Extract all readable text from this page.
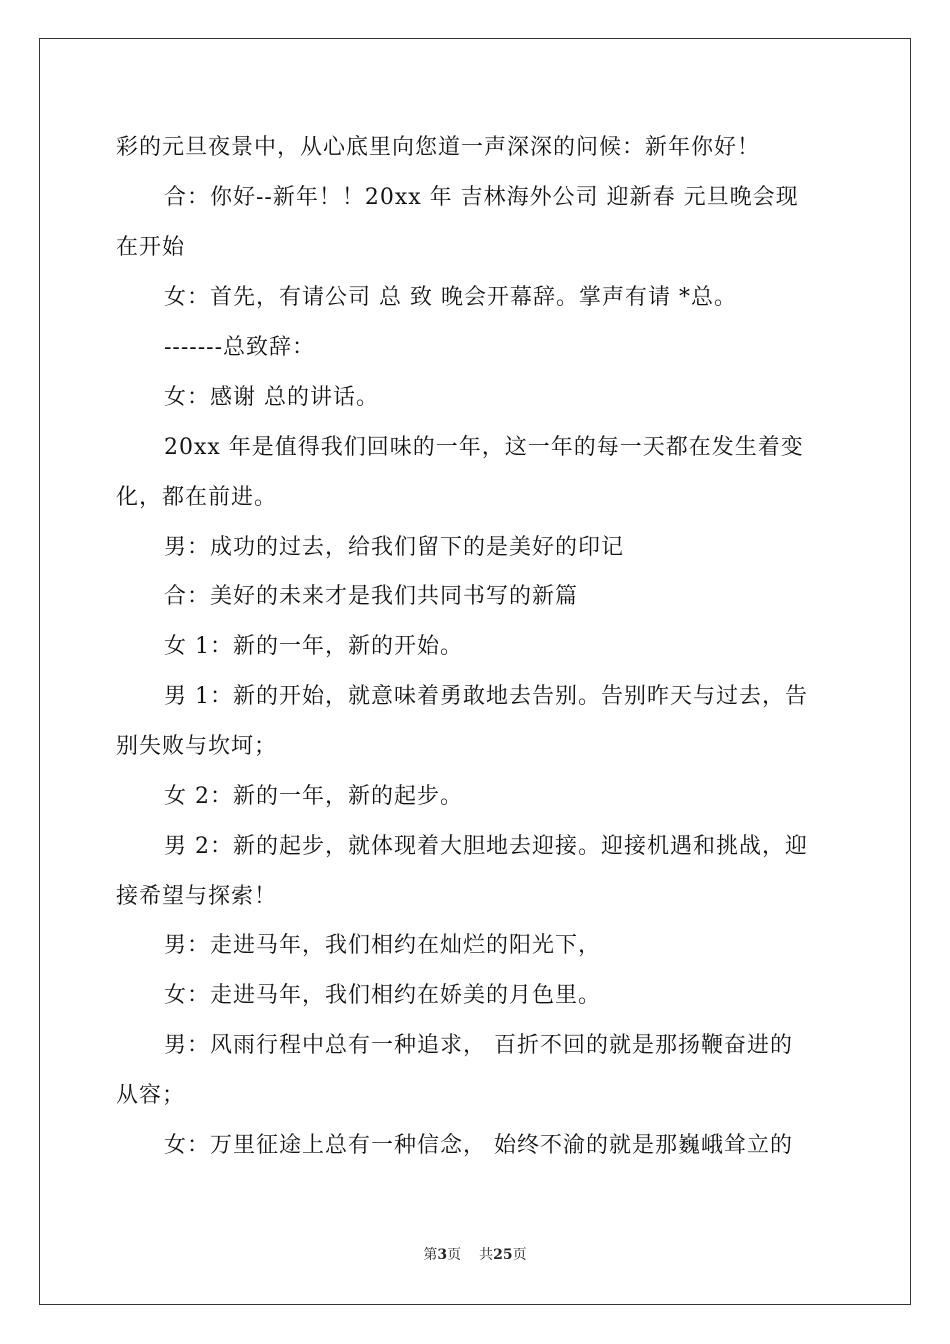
彩的元旦夜景中，从心底里向您道一声深深的问候：新年你好！
合：你好--新年！！20xx 年 吉林海外公司 迎新春 元旦晚会现
在开始
女：首先，有请公司 总 致 晚会开幕辞。掌声有请 *总。
-------总致辞：
女：感谢 总的讲话。
20xx 年是值得我们回味的一年，这一年的每一天都在发生着变
化，都在前进。
男：成功的过去，给我们留下的是美好的印记
合：美好的未来才是我们共同书写的新篇
女 1：新的一年，新的开始。
男 1：新的开始，就意味着勇敢地去告别。告别昨天与过去，告
别失败与坎坷；
女 2：新的一年，新的起步。
男 2：新的起步，就体现着大胆地去迎接。迎接机遇和挑战，迎
接希望与探索！
男：走进马年，我们相约在灿烂的阳光下，
女：走进马年，我们相约在娇美的月色里。
男：风雨行程中总有一种追求， 百折不回的就是那扬鞭奋进的
从容；
女：万里征途上总有一种信念， 始终不渝的就是那巍峨耸立的
第3页 共25页
